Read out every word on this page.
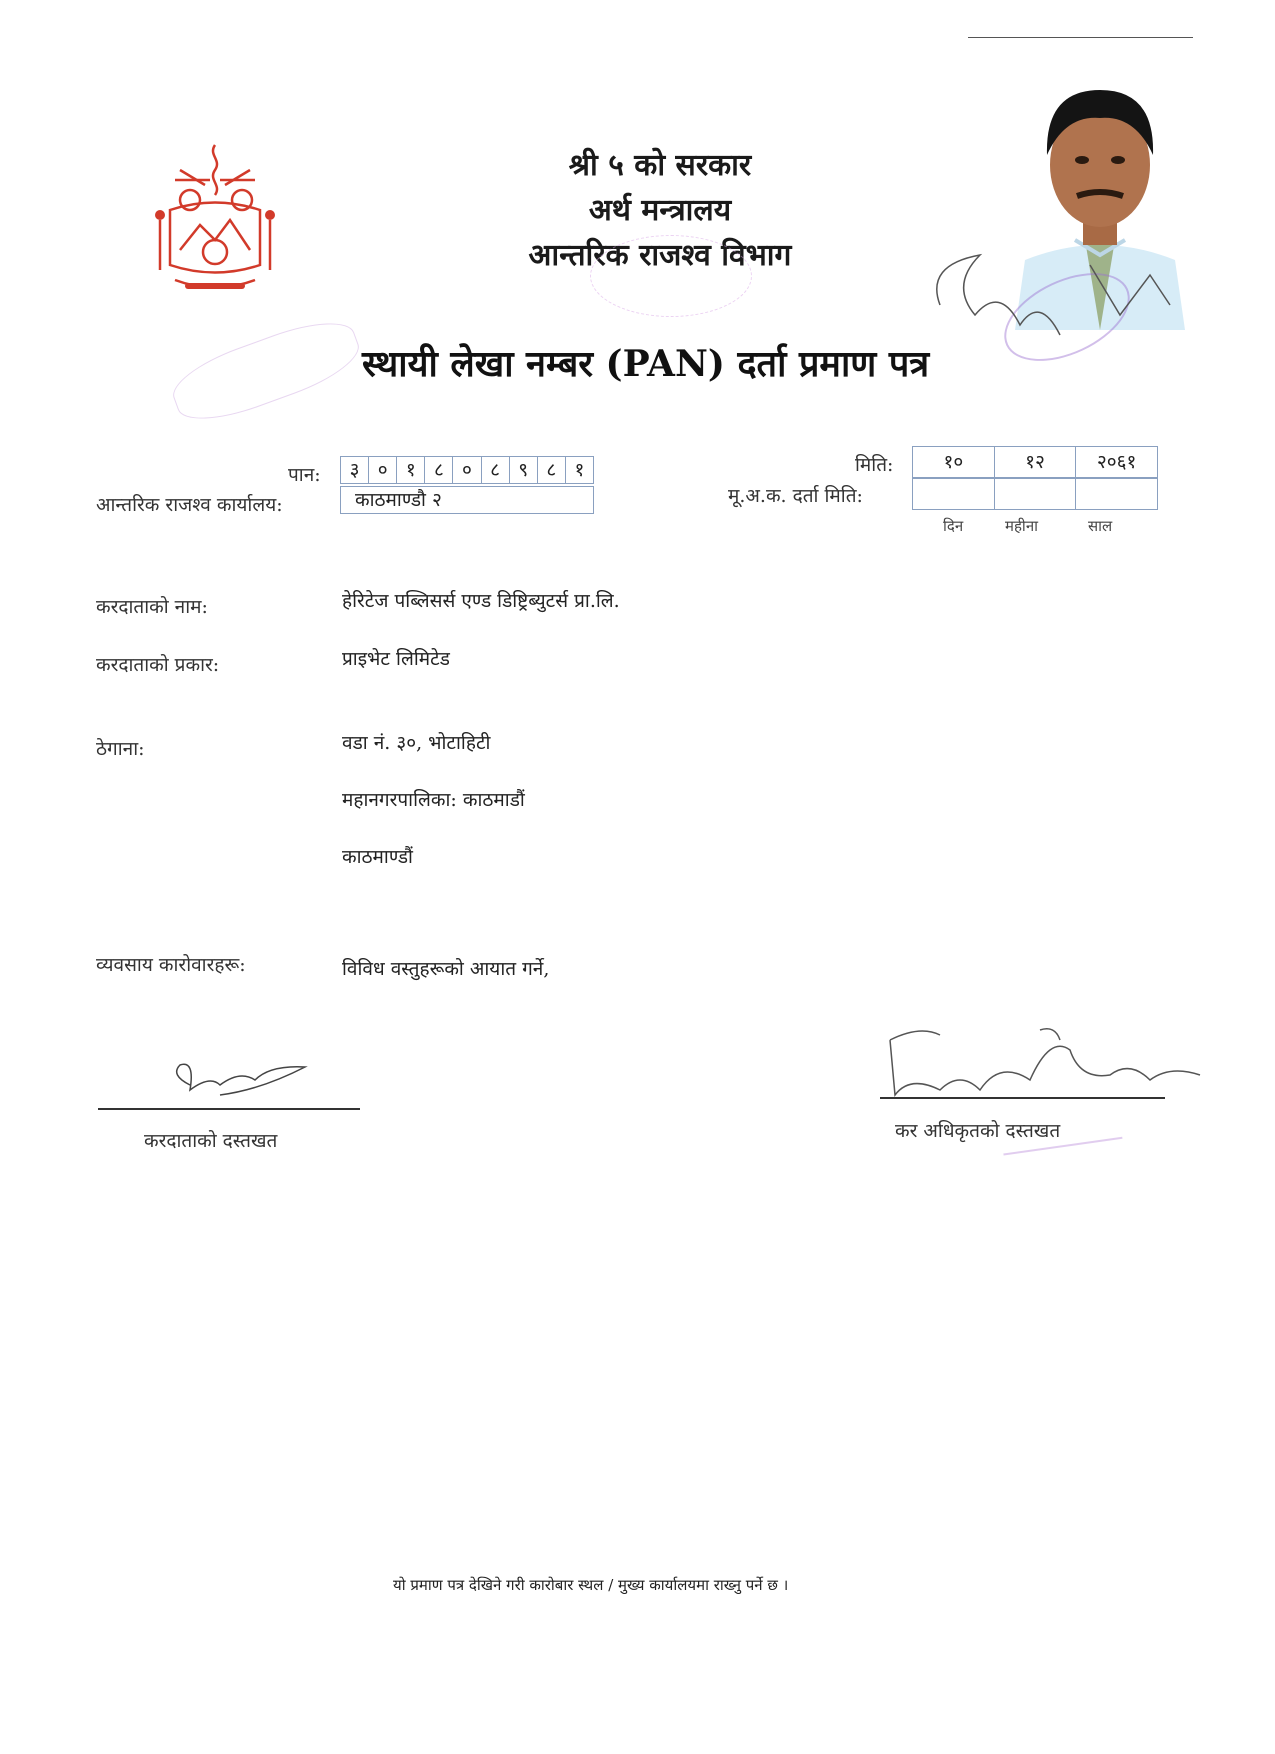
श्री ५ को सरकार
अर्थ मन्त्रालय
आन्तरिक राजश्व विभाग
स्थायी लेखा नम्बर (PAN) दर्ता प्रमाण पत्र
पान:	३ ० १ ८ ० ८ ९ ८ १
आन्तरिक राजश्व कार्यालय:	काठमाण्डौ २
मिति:	१०	१२	२०६१
मू.अ.क. दर्ता मिति:
दिन	महीना	साल
करदाताको नाम:	हेरिटेज पब्लिसर्स एण्ड डिष्ट्रिब्युटर्स प्रा.लि.
करदाताको प्रकार:	प्राइभेट लिमिटेड
ठेगाना:	वडा नं. ३०, भोटाहिटी
महानगरपालिका: काठमाडौं
काठमाण्डौं
व्यवसाय कारोवारहरू:	विविध वस्तुहरूको आयात गर्ने,
करदाताको दस्तखत	कर अधिकृतको दस्तखत
यो प्रमाण पत्र देखिने गरी कारोबार स्थल / मुख्य कार्यालयमा राख्नु पर्ने छ ।
